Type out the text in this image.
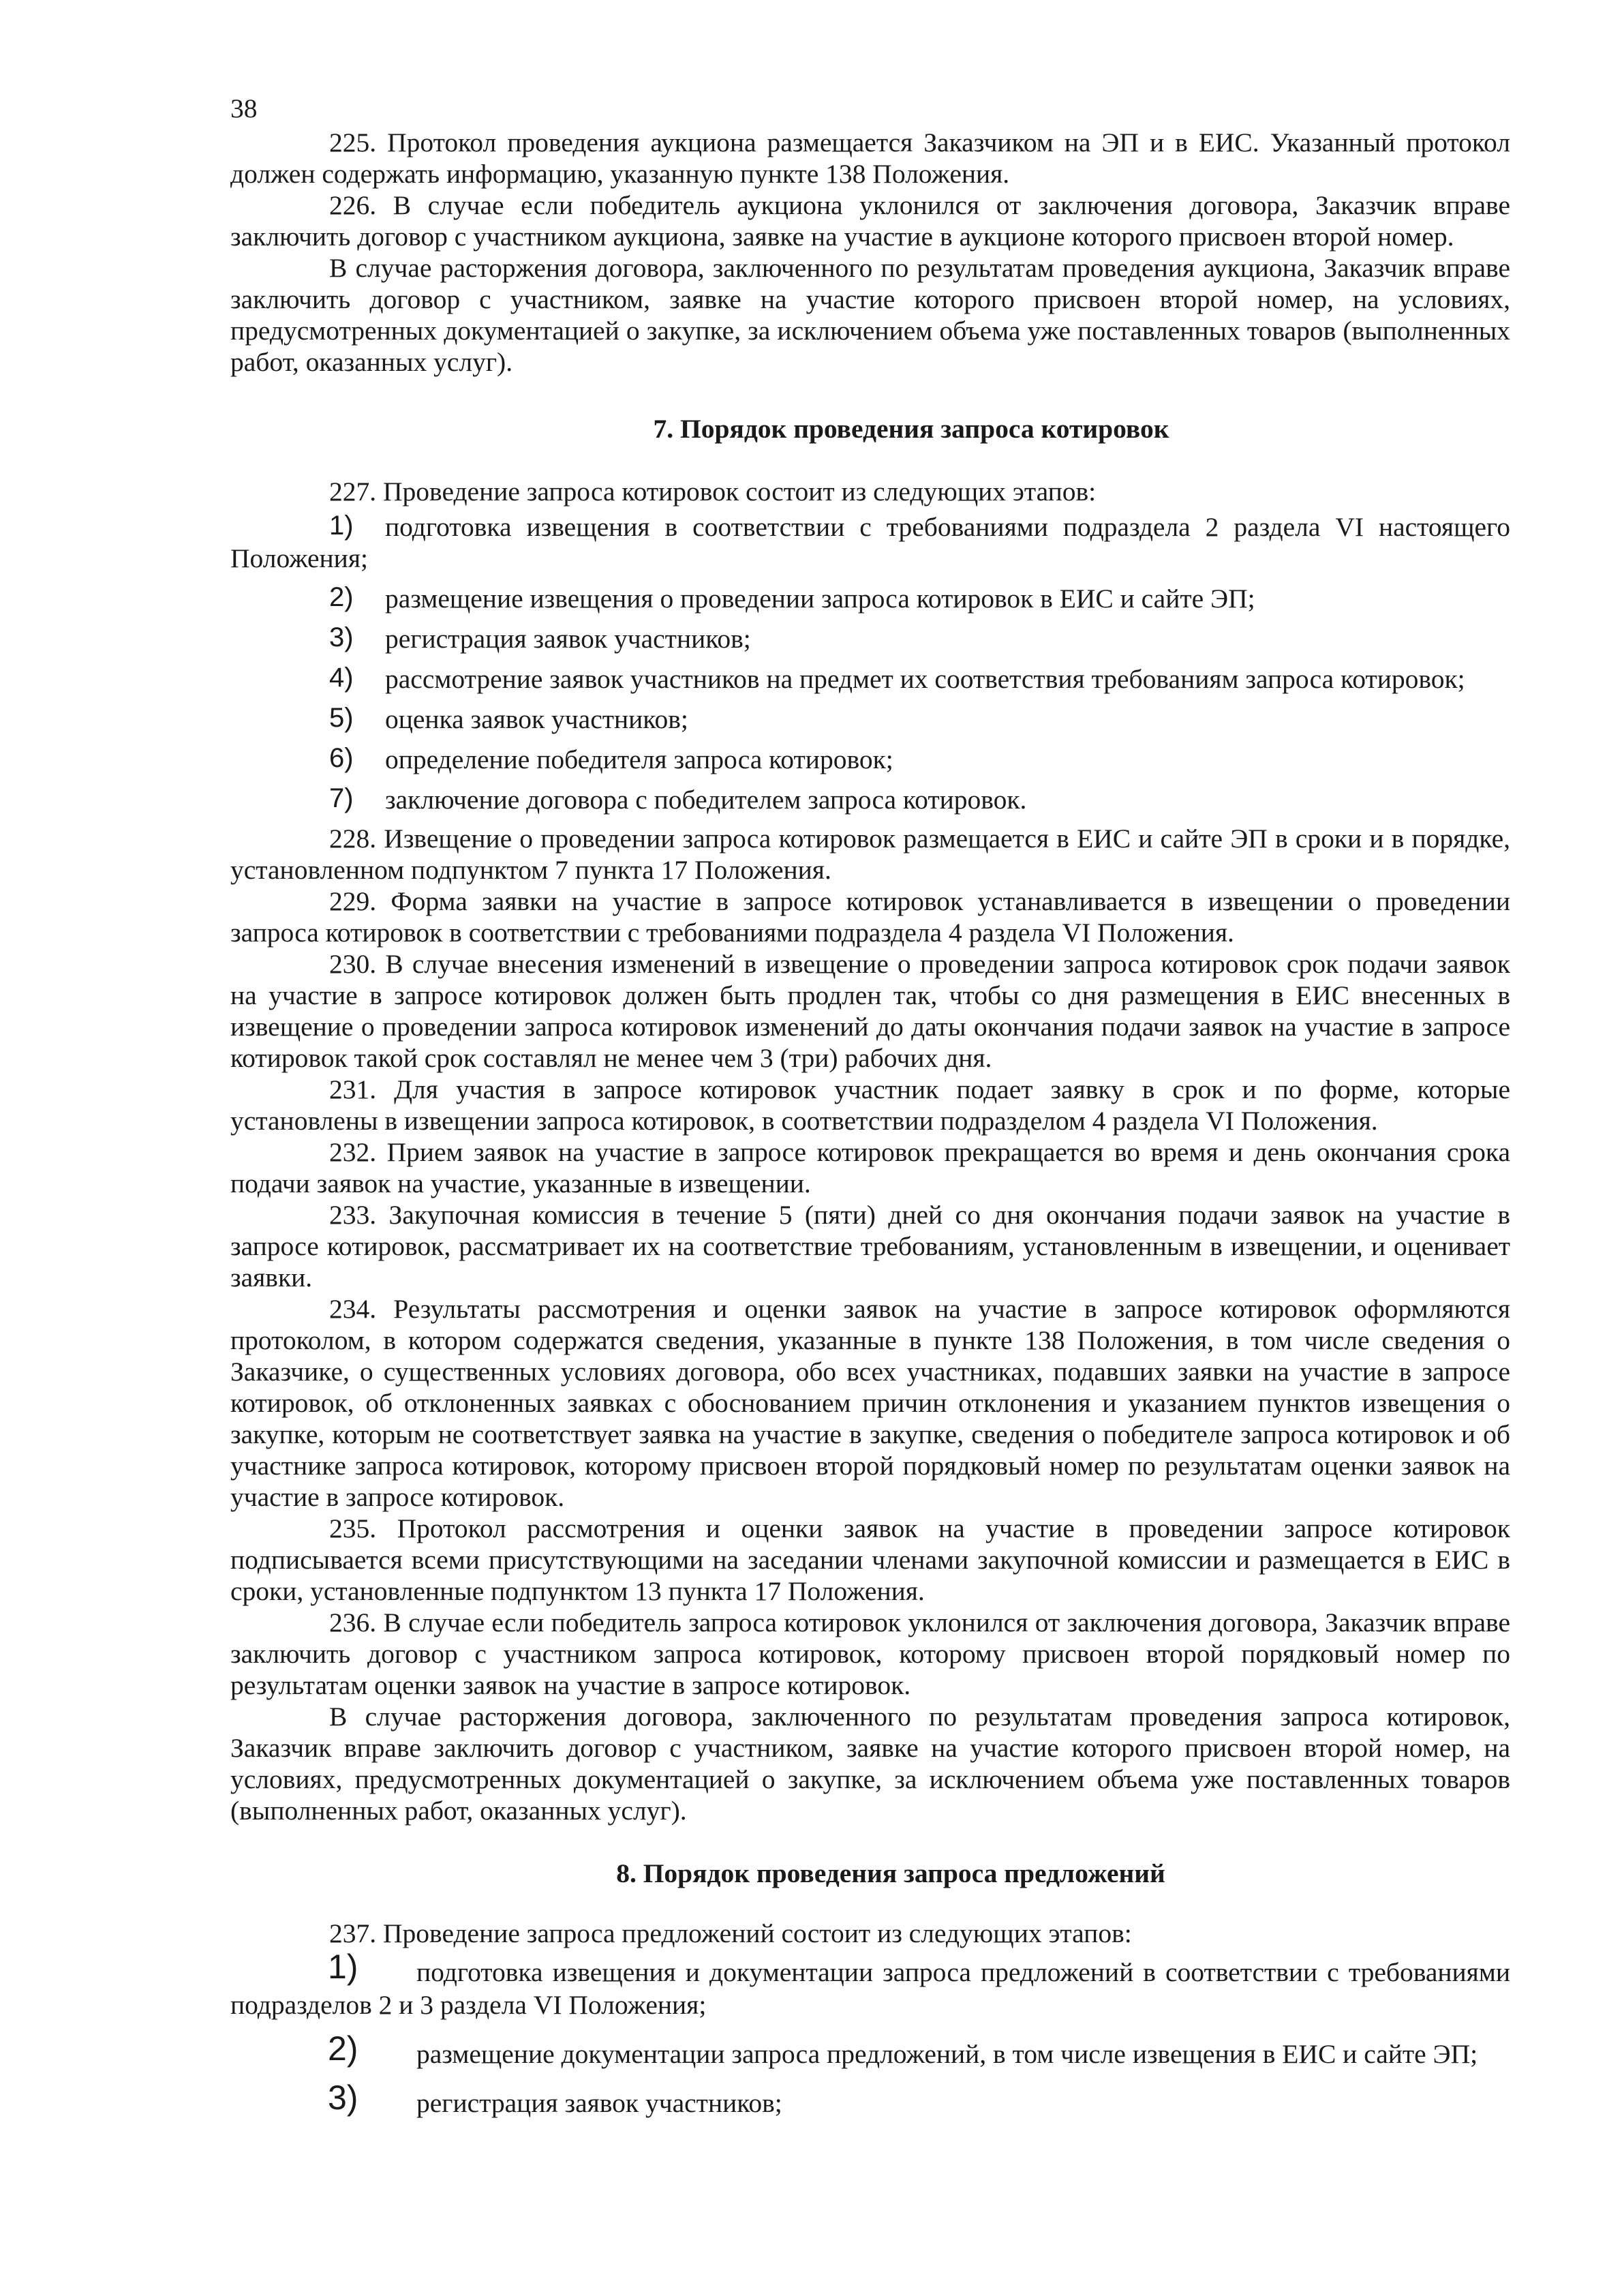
38

225. Протокол проведения аукциона размещается Заказчиком на ЭП и в ЕИС. Указанный протокол должен содержать информацию, указанную пункте 138 Положения.

226. В случае если победитель аукциона уклонился от заключения договора, Заказчик вправе заключить договор с участником аукциона, заявке на участие в аукционе которого присвоен второй номер.

В случае расторжения договора, заключенного по результатам проведения аукциона, Заказчик вправе заключить договор с участником, заявке на участие которого присвоен второй номер, на условиях, предусмотренных документацией о закупке, за исключением объема уже поставленных товаров (выполненных работ, оказанных услуг).

7. Порядок проведения запроса котировок

227. Проведение запроса котировок состоит из следующих этапов:

1) подготовка извещения в соответствии с требованиями подраздела 2 раздела VI настоящего Положения;

2) размещение извещения о проведении запроса котировок в ЕИС и сайте ЭП;

3) регистрация заявок участников;

4) рассмотрение заявок участников на предмет их соответствия требованиям запроса котировок;

5) оценка заявок участников;

6) определение победителя запроса котировок;

7) заключение договора с победителем запроса котировок.

228. Извещение о проведении запроса котировок размещается в ЕИС и сайте ЭП в сроки и в порядке, установленном подпунктом 7 пункта 17 Положения.

229. Форма заявки на участие в запросе котировок устанавливается в извещении о проведении запроса котировок в соответствии с требованиями подраздела 4 раздела VI Положения.

230. В случае внесения изменений в извещение о проведении запроса котировок срок подачи заявок на участие в запросе котировок должен быть продлен так, чтобы со дня размещения в ЕИС внесенных в извещение о проведении запроса котировок изменений до даты окончания подачи заявок на участие в запросе котировок такой срок составлял не менее чем 3 (три) рабочих дня.

231. Для участия в запросе котировок участник подает заявку в срок и по форме, которые установлены в извещении запроса котировок, в соответствии подразделом 4 раздела VI Положения.

232. Прием заявок на участие в запросе котировок прекращается во время и день окончания срока подачи заявок на участие, указанные в извещении.

233. Закупочная комиссия в течение 5 (пяти) дней со дня окончания подачи заявок на участие в запросе котировок, рассматривает их на соответствие требованиям, установленным в извещении, и оценивает заявки.

234. Результаты рассмотрения и оценки заявок на участие в запросе котировок оформляются протоколом, в котором содержатся сведения, указанные в пункте 138 Положения, в том числе сведения о Заказчике, о существенных условиях договора, обо всех участниках, подавших заявки на участие в запросе котировок, об отклоненных заявках с обоснованием причин отклонения и указанием пунктов извещения о закупке, которым не соответствует заявка на участие в закупке, сведения о победителе запроса котировок и об участнике запроса котировок, которому присвоен второй порядковый номер по результатам оценки заявок на участие в запросе котировок.

235. Протокол рассмотрения и оценки заявок на участие в проведении запросе котировок подписывается всеми присутствующими на заседании членами закупочной комиссии и размещается в ЕИС в сроки, установленные подпунктом 13 пункта 17 Положения.

236. В случае если победитель запроса котировок уклонился от заключения договора, Заказчик вправе заключить договор с участником запроса котировок, которому присвоен второй порядковый номер по результатам оценки заявок на участие в запросе котировок.

В случае расторжения договора, заключенного по результатам проведения запроса котировок, Заказчик вправе заключить договор с участником, заявке на участие которого присвоен второй номер, на условиях, предусмотренных документацией о закупке, за исключением объема уже поставленных товаров (выполненных работ, оказанных услуг).

8. Порядок проведения запроса предложений

237. Проведение запроса предложений состоит из следующих этапов:

1) подготовка извещения и документации запроса предложений в соответствии с требованиями подразделов 2 и 3 раздела VI Положения;

2) размещение документации запроса предложений, в том числе извещения в ЕИС и сайте ЭП;

3) регистрация заявок участников;
